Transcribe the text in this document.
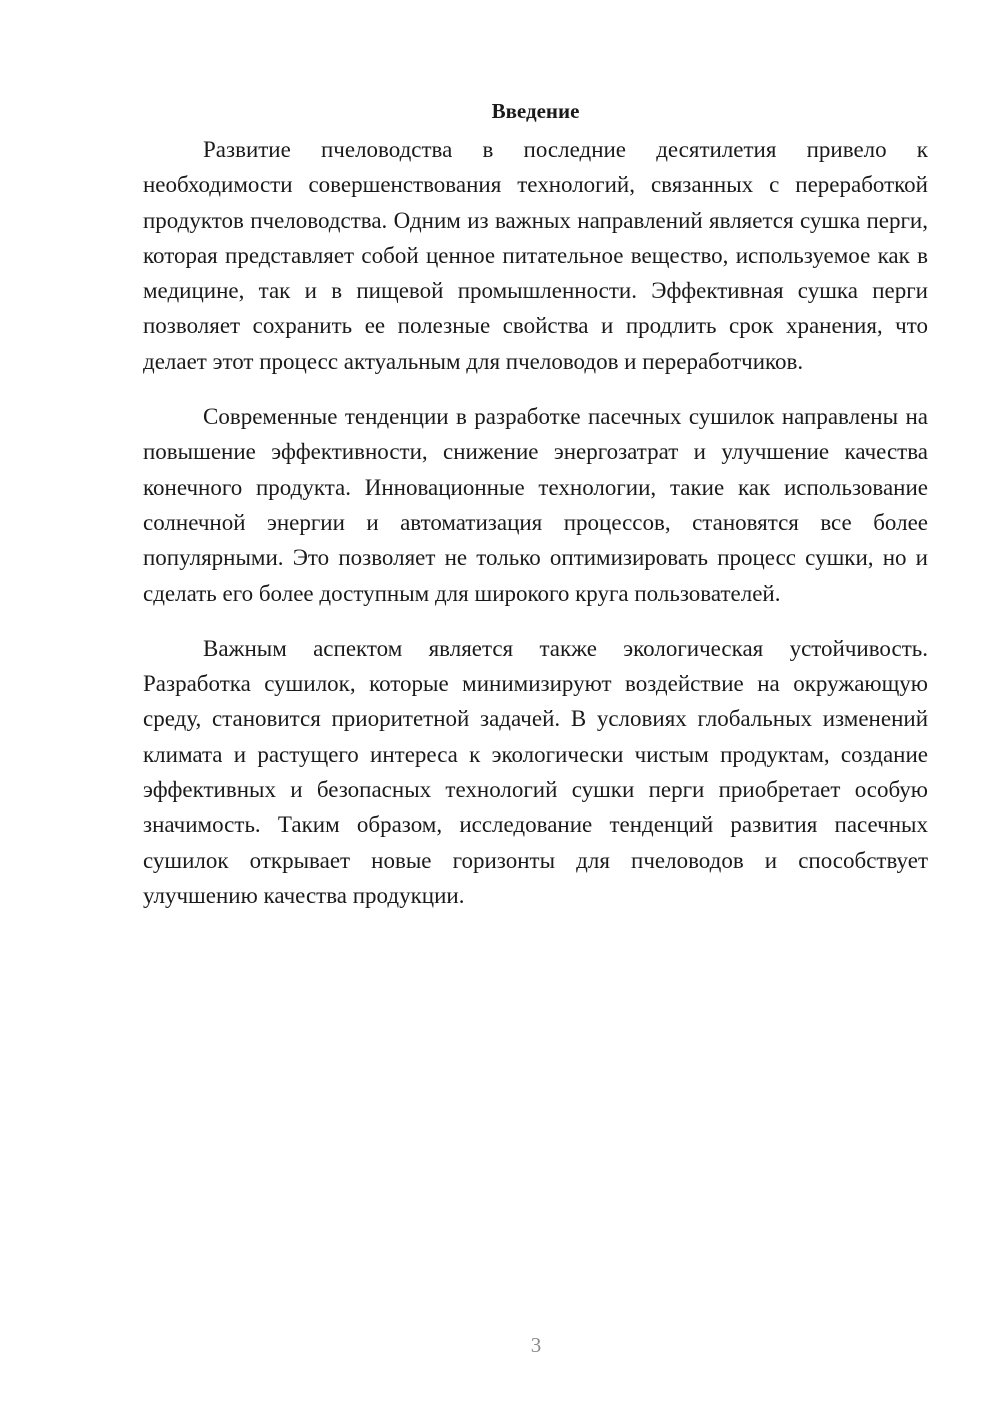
Введение

Развитие пчеловодства в последние десятилетия привело к необходимости совершенствования технологий, связанных с переработкой продуктов пчеловодства. Одним из важных направлений является сушка перги, которая представляет собой ценное питательное вещество, используемое как в медицине, так и в пищевой промышленности. Эффективная сушка перги позволяет сохранить ее полезные свойства и продлить срок хранения, что делает этот процесс актуальным для пчеловодов и переработчиков.

Современные тенденции в разработке пасечных сушилок направлены на повышение эффективности, снижение энергозатрат и улучшение качества конечного продукта. Инновационные технологии, такие как использование солнечной энергии и автоматизация процессов, становятся все более популярными. Это позволяет не только оптимизировать процесс сушки, но и сделать его более доступным для широкого круга пользователей.

Важным аспектом является также экологическая устойчивость. Разработка сушилок, которые минимизируют воздействие на окружающую среду, становится приоритетной задачей. В условиях глобальных изменений климата и растущего интереса к экологически чистым продуктам, создание эффективных и безопасных технологий сушки перги приобретает особую значимость. Таким образом, исследование тенденций развития пасечных сушилок открывает новые горизонты для пчеловодов и способствует улучшению качества продукции.

3
